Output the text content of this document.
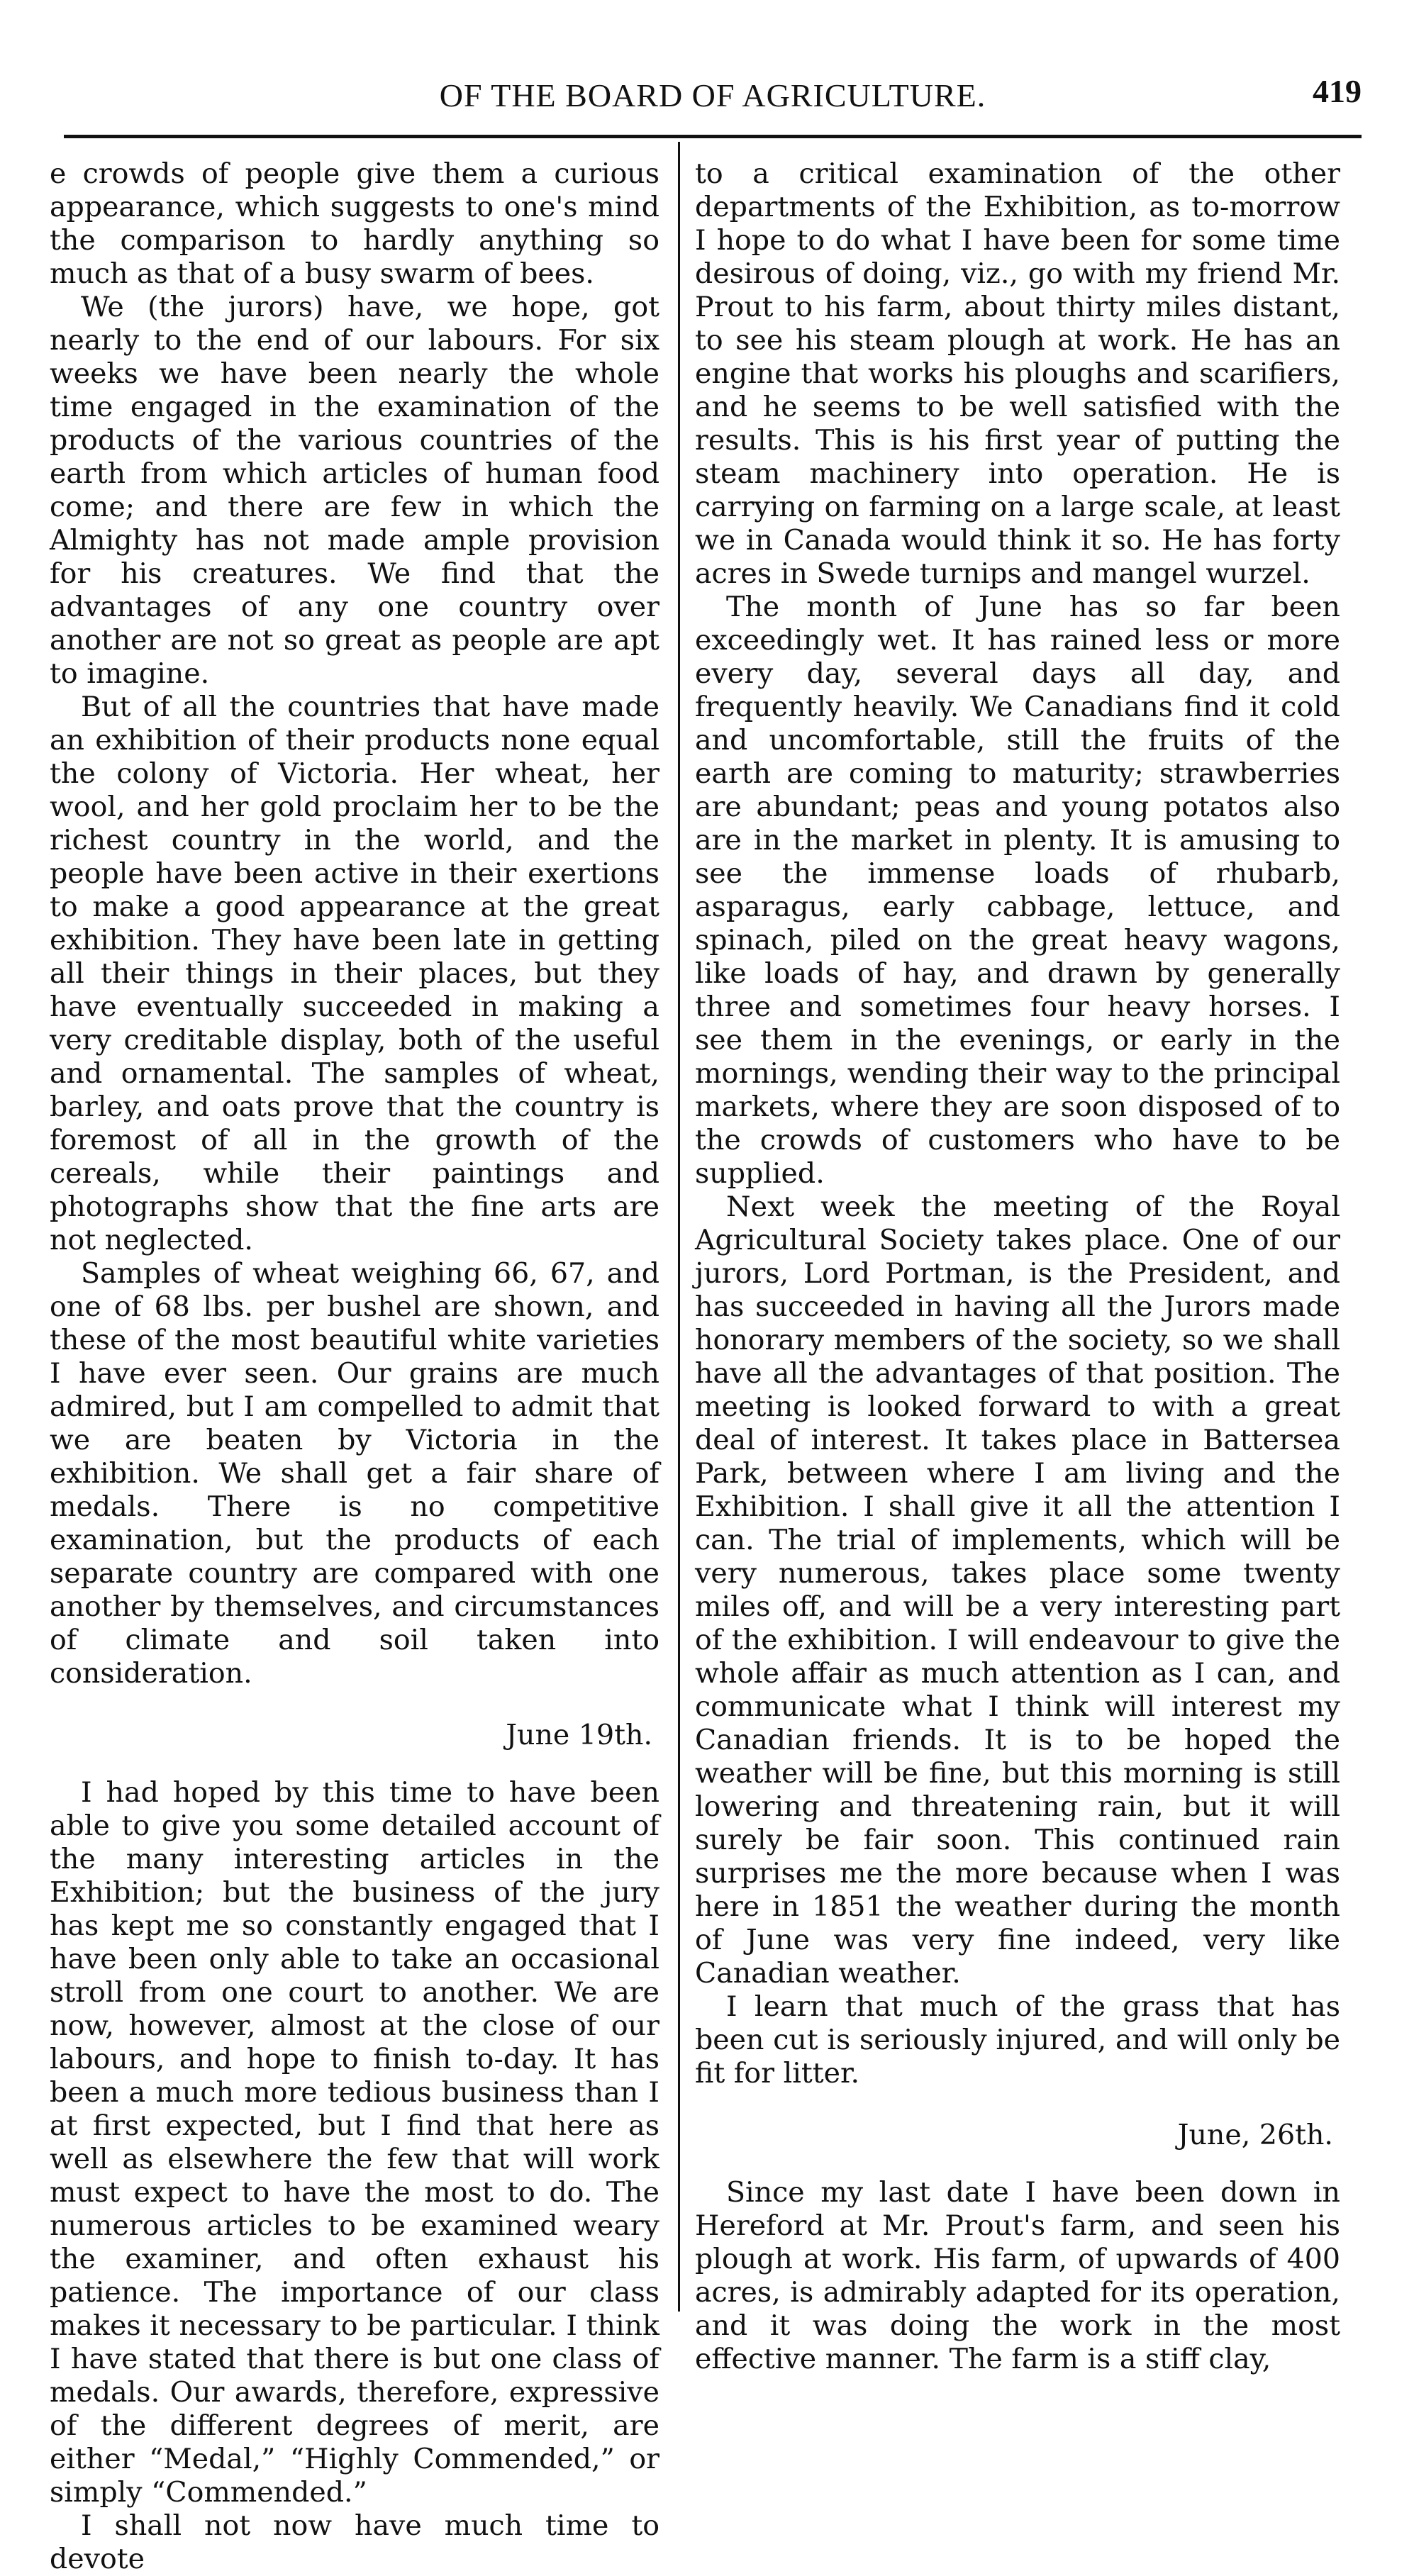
OF THE BOARD OF AGRICULTURE.	419

e crowds of people give them a curious appearance, which suggests to one's mind the comparison to hardly anything so much as that of a busy swarm of bees.

We (the jurors) have, we hope, got nearly to the end of our labours. For six weeks we have been nearly the whole time engaged in the examination of the products of the various countries of the earth from which articles of human food come; and there are few in which the Almighty has not made ample provision for his creatures. We find that the advantages of any one country over another are not so great as people are apt to imagine.

But of all the countries that have made an exhibition of their products none equal the colony of Victoria. Her wheat, her wool, and her gold proclaim her to be the richest country in the world, and the people have been active in their exertions to make a good appearance at the great exhibition. They have been late in getting all their things in their places, but they have eventually succeeded in making a very creditable display, both of the useful and ornamental. The samples of wheat, barley, and oats prove that the country is foremost of all in the growth of the cereals, while their paintings and photographs show that the fine arts are not neglected.

Samples of wheat weighing 66, 67, and one of 68 lbs. per bushel are shown, and these of the most beautiful white varieties I have ever seen. Our grains are much admired, but I am compelled to admit that we are beaten by Victoria in the exhibition. We shall get a fair share of medals. There is no competitive examination, but the products of each separate country are compared with one another by themselves, and circumstances of climate and soil taken into consideration.

June 19th.

I had hoped by this time to have been able to give you some detailed account of the many interesting articles in the Exhibition; but the business of the jury has kept me so constantly engaged that I have been only able to take an occasional stroll from one court to another. We are now, however, almost at the close of our labours, and hope to finish to-day. It has been a much more tedious business than I at first expected, but I find that here as well as elsewhere the few that will work must expect to have the most to do. The numerous articles to be examined weary the examiner, and often exhaust his patience. The importance of our class makes it necessary to be particular. I think I have stated that there is but one class of medals. Our awards, therefore, expressive of the different degrees of merit, are either “Medal,” “Highly Commended,” or simply “Commended.”

I shall not now have much time to devote

to a critical examination of the other departments of the Exhibition, as to-morrow I hope to do what I have been for some time desirous of doing, viz., go with my friend Mr. Prout to his farm, about thirty miles distant, to see his steam plough at work. He has an engine that works his ploughs and scarifiers, and he seems to be well satisfied with the results. This is his first year of putting the steam machinery into operation. He is carrying on farming on a large scale, at least we in Canada would think it so. He has forty acres in Swede turnips and mangel wurzel.

The month of June has so far been exceedingly wet. It has rained less or more every day, several days all day, and frequently heavily. We Canadians find it cold and uncomfortable, still the fruits of the earth are coming to maturity; strawberries are abundant; peas and young potatos also are in the market in plenty. It is amusing to see the immense loads of rhubarb, asparagus, early cabbage, lettuce, and spinach, piled on the great heavy wagons, like loads of hay, and drawn by generally three and sometimes four heavy horses. I see them in the evenings, or early in the mornings, wending their way to the principal markets, where they are soon disposed of to the crowds of customers who have to be supplied.

Next week the meeting of the Royal Agricultural Society takes place. One of our jurors, Lord Portman, is the President, and has succeeded in having all the Jurors made honorary members of the society, so we shall have all the advantages of that position. The meeting is looked forward to with a great deal of interest. It takes place in Battersea Park, between where I am living and the Exhibition. I shall give it all the attention I can. The trial of implements, which will be very numerous, takes place some twenty miles off, and will be a very interesting part of the exhibition. I will endeavour to give the whole affair as much attention as I can, and communicate what I think will interest my Canadian friends. It is to be hoped the weather will be fine, but this morning is still lowering and threatening rain, but it will surely be fair soon. This continued rain surprises me the more because when I was here in 1851 the weather during the month of June was very fine indeed, very like Canadian weather.

I learn that much of the grass that has been cut is seriously injured, and will only be fit for litter.

June, 26th.

Since my last date I have been down in Hereford at Mr. Prout's farm, and seen his plough at work. His farm, of upwards of 400 acres, is admirably adapted for its operation, and it was doing the work in the most effective manner. The farm is a stiff clay,
